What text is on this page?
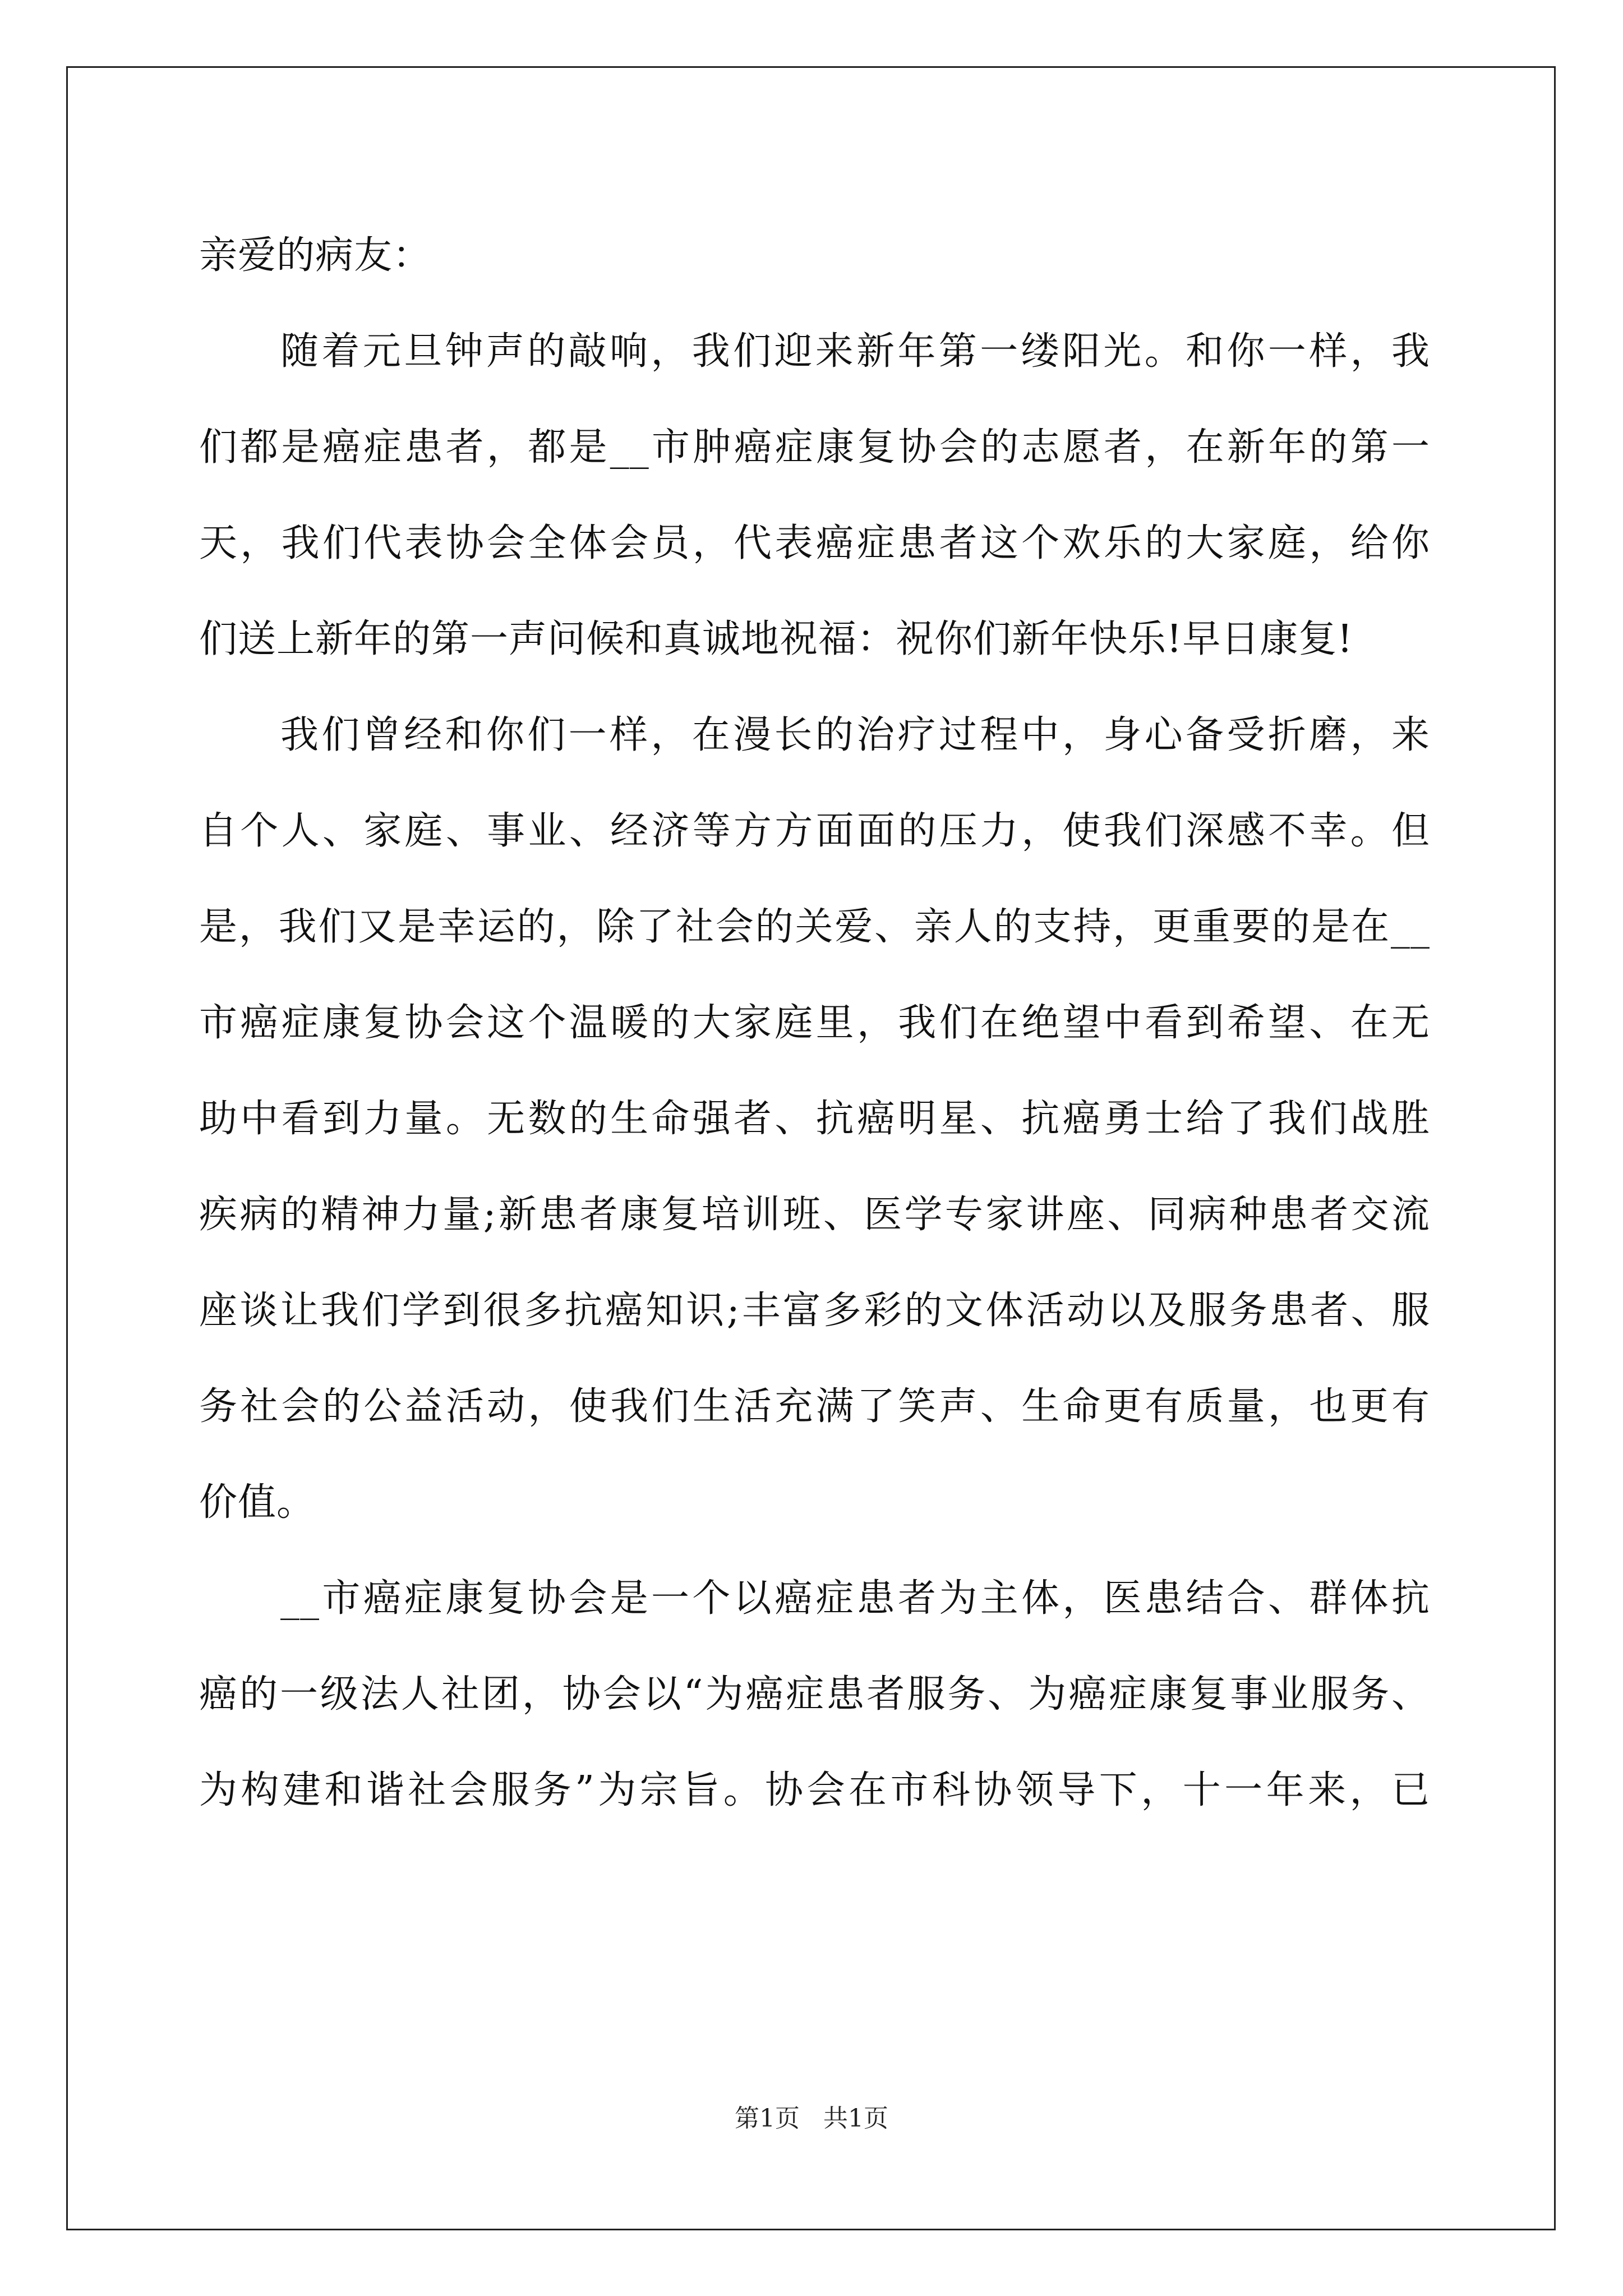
亲爱的病友：
随着元旦钟声的敲响，我们迎来新年第一缕阳光。和你一样，我
们都是癌症患者，都是__市肿癌症康复协会的志愿者，在新年的第一
天，我们代表协会全体会员，代表癌症患者这个欢乐的大家庭，给你
们送上新年的第一声问候和真诚地祝福：祝你们新年快乐!早日康复!
我们曾经和你们一样，在漫长的治疗过程中，身心备受折磨，来
自个人、家庭、事业、经济等方方面面的压力，使我们深感不幸。但
是，我们又是幸运的，除了社会的关爱、亲人的支持，更重要的是在__
市癌症康复协会这个温暖的大家庭里，我们在绝望中看到希望、在无
助中看到力量。无数的生命强者、抗癌明星、抗癌勇士给了我们战胜
疾病的精神力量;新患者康复培训班、医学专家讲座、同病种患者交流
座谈让我们学到很多抗癌知识;丰富多彩的文体活动以及服务患者、服
务社会的公益活动，使我们生活充满了笑声、生命更有质量，也更有
价值。
__市癌症康复协会是一个以癌症患者为主体，医患结合、群体抗
癌的一级法人社团，协会以“为癌症患者服务、为癌症康复事业服务、
为构建和谐社会服务”为宗旨。协会在市科协领导下，十一年来，已
第1页 共1页
